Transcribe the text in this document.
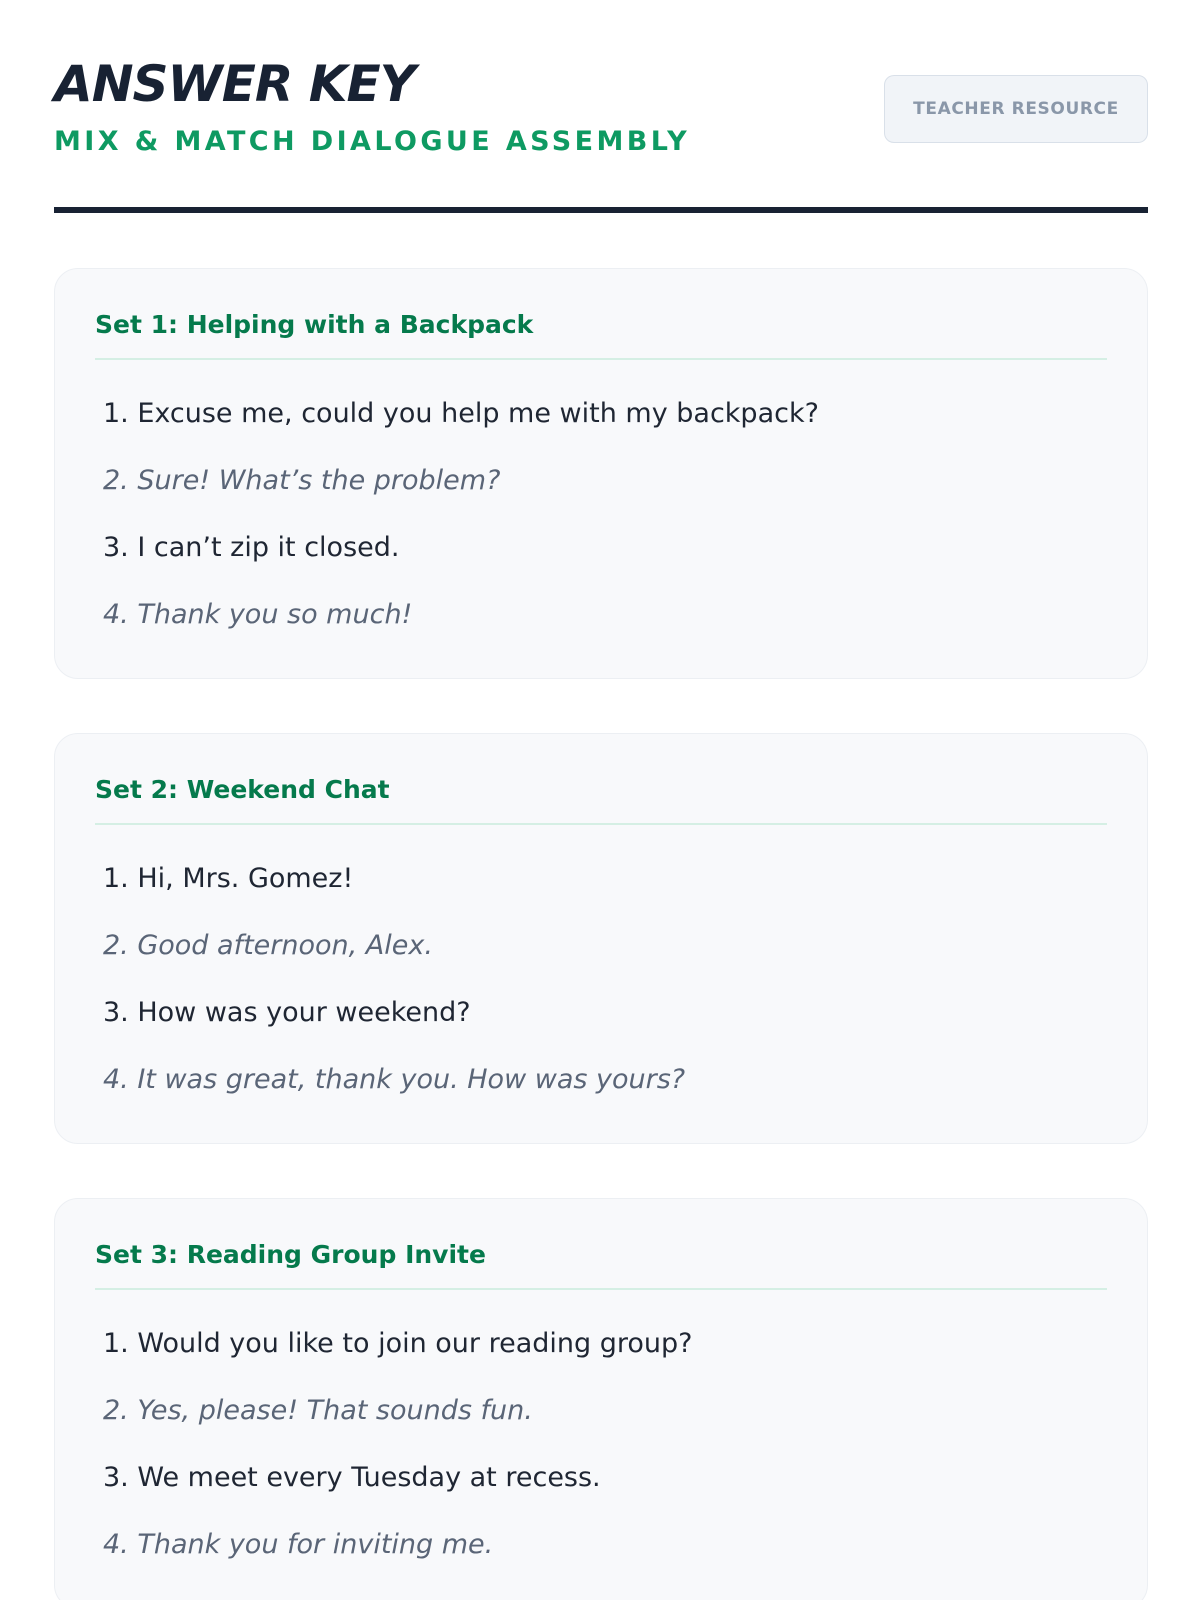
ANSWER KEY
MIX & MATCH DIALOGUE ASSEMBLY
TEACHER RESOURCE
Set 1: Helping with a Backpack
1. Excuse me, could you help me with my backpack?
2. Sure! What’s the problem?
3. I can’t zip it closed.
4. Thank you so much!
Set 2: Weekend Chat
1. Hi, Mrs. Gomez!
2. Good afternoon, Alex.
3. How was your weekend?
4. It was great, thank you. How was yours?
Set 3: Reading Group Invite
1. Would you like to join our reading group?
2. Yes, please! That sounds fun.
3. We meet every Tuesday at recess.
4. Thank you for inviting me.
